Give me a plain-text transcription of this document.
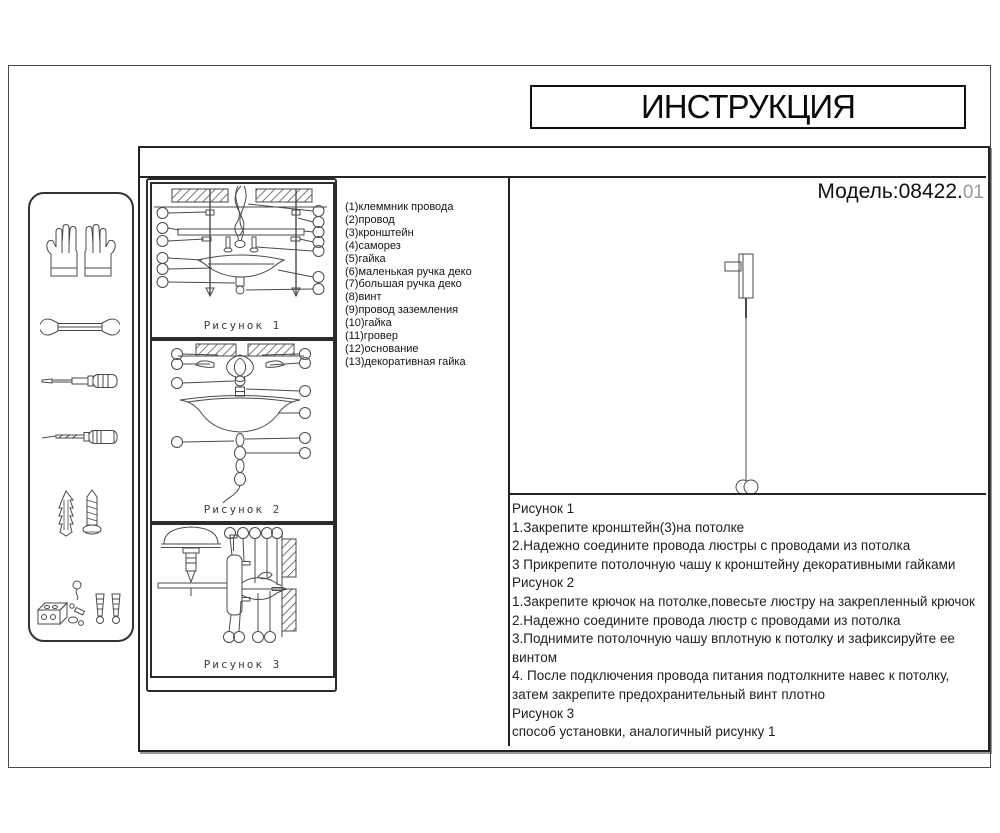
ИНСТРУКЦИЯ
Модель:08422.01
Рисунок 1
Рисунок 2
Рисунок 3
(1)клеммник провода
(2)провод
(3)кронштейн
(4)саморез
(5)гайка
(6)маленькая ручка деко
(7)большая ручка деко
(8)винт
(9)провод заземления
(10)гайка
(11)гровер
(12)основание
(13)декоративная гайка
Рисунок 1
1.Закрепите кронштейн(3)на потолке
2.Надежно соедините провода люстры с проводами из потолка
3 Прикрепите потолочную чашу к кронштейну декоративными гайками
Рисунок 2
1.Закрепите крючок на потолке,повесьте люстру на закрепленный крючок
2.Надежно соедините провода люстр с проводами из потолка
3.Поднимите потолочную чашу вплотную к потолку и зафиксируйте ее винтом
4. После подключения провода питания подтолкните навес к потолку, затем закрепите предохранительный винт плотно
Рисунок 3
способ установки, аналогичный рисунку 1
